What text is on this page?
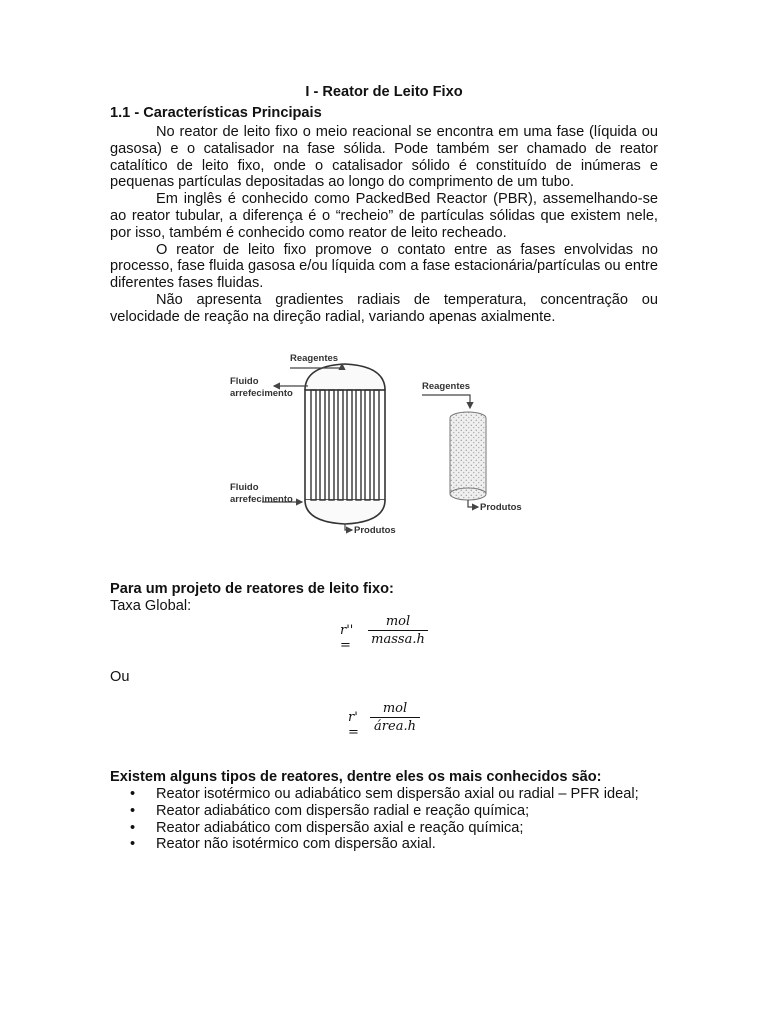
I - Reator de Leito Fixo
1.1 - Características Principais

No reator de leito fixo o meio reacional se encontra em uma fase (líquida ou gasosa) e o catalisador na fase sólida. Pode também ser chamado de reator catalítico de leito fixo, onde o catalisador sólido é constituído de inúmeras e pequenas partículas depositadas ao longo do comprimento de um tubo.

Em inglês é conhecido como PackedBed Reactor (PBR), assemelhando-se ao reator tubular, a diferença é o “recheio” de partículas sólidas que existem nele, por isso, também é conhecido como reator de leito recheado.

O reator de leito fixo promove o contato entre as fases envolvidas no processo, fase fluida gasosa e/ou líquida com a fase estacionária/partículas ou entre diferentes fases fluidas.

Não apresenta gradientes radiais de temperatura, concentração ou velocidade de reação na direção radial, variando apenas axialmente.

Reagentes
Fluido
arrefecimento
Fluido
arrefecimento
Produtos
Reagentes
Produtos

Para um projeto de reatores de leito fixo:

Taxa Global:

r'' =
mol
massa.h

Ou

r' =
mol
área.h

Existem alguns tipos de reatores, dentre eles os mais conhecidos são:

• Reator isotérmico ou adiabático sem dispersão axial ou radial – PFR ideal;
• Reator adiabático com dispersão radial e reação química;
• Reator adiabático com dispersão axial e reação química;
• Reator não isotérmico com dispersão axial.
